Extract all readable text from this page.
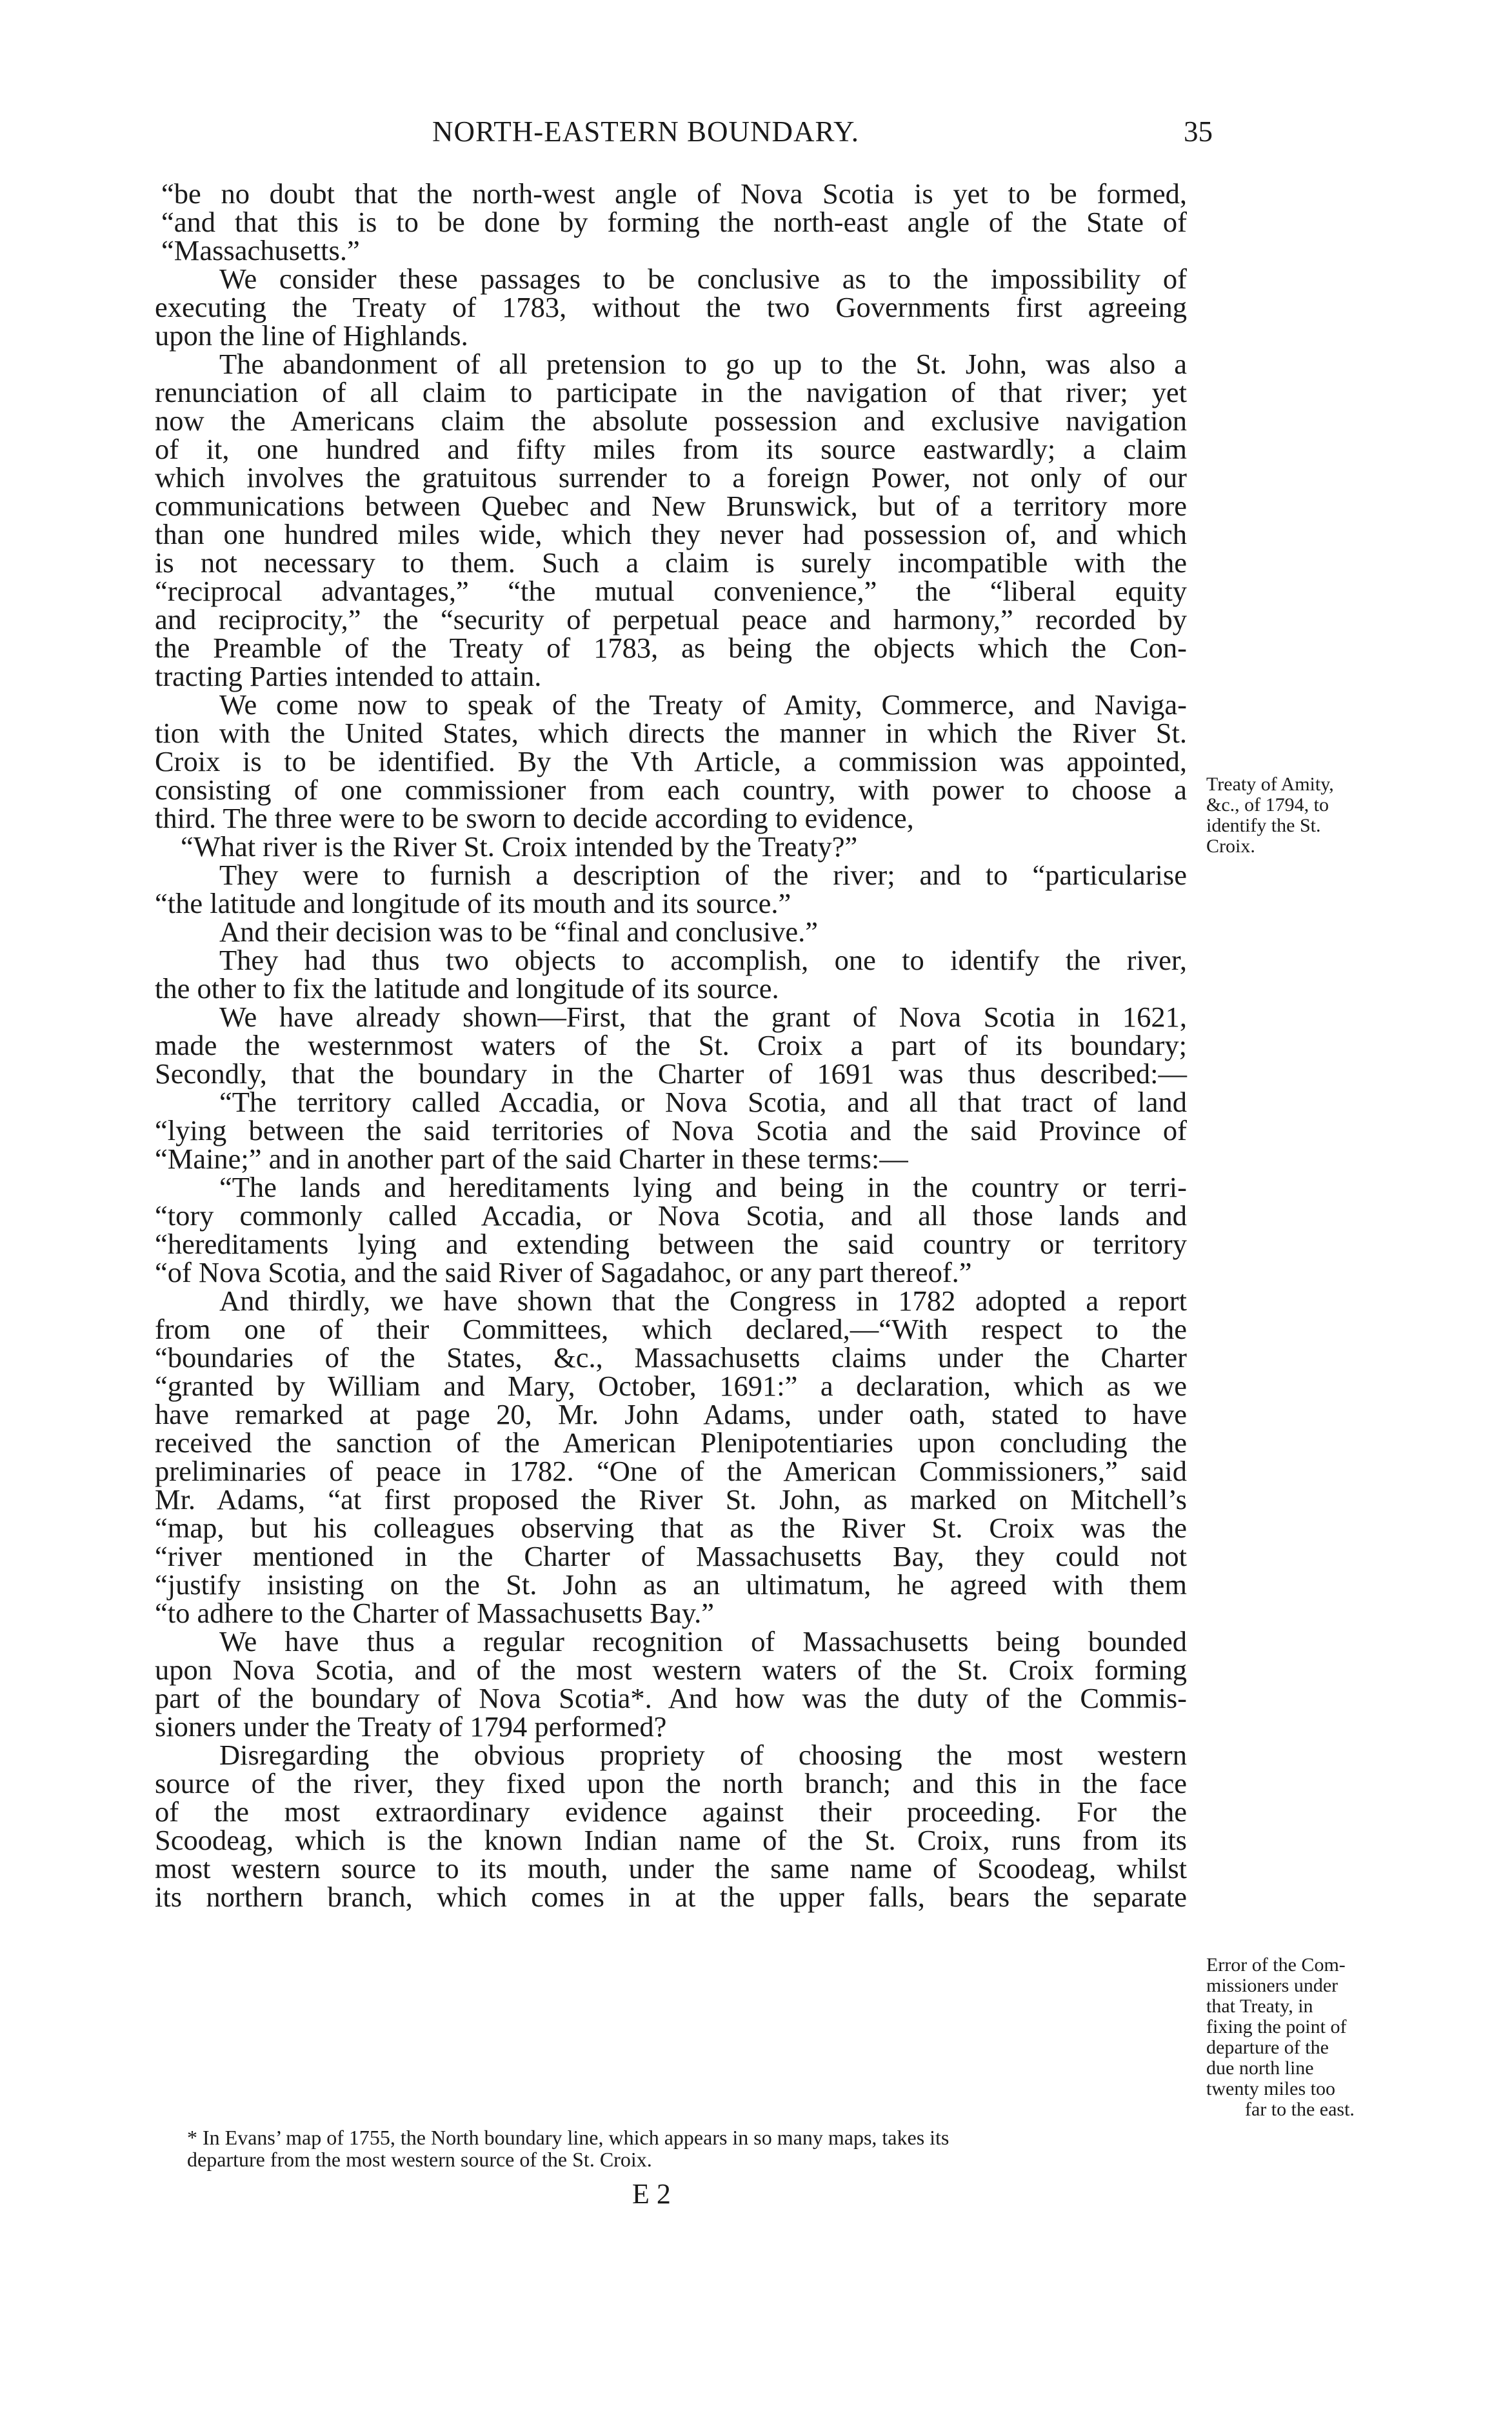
NORTH-EASTERN BOUNDARY.	35
“be no doubt that the north-west angle of Nova Scotia is yet to be formed,
“and that this is to be done by forming the north-east angle of the State of
“Massachusetts.”
We consider these passages to be conclusive as to the impossibility of
executing the Treaty of 1783, without the two Governments first agreeing
upon the line of Highlands.
The abandonment of all pretension to go up to the St. John, was also a
renunciation of all claim to participate in the navigation of that river; yet
now the Americans claim the absolute possession and exclusive navigation
of it, one hundred and fifty miles from its source eastwardly; a claim
which involves the gratuitous surrender to a foreign Power, not only of our
communications between Quebec and New Brunswick, but of a territory more
than one hundred miles wide, which they never had possession of, and which
is not necessary to them. Such a claim is surely incompatible with the
“reciprocal advantages,” “the mutual convenience,” the “liberal equity
and reciprocity,” the “security of perpetual peace and harmony,” recorded by
the Preamble of the Treaty of 1783, as being the objects which the Con-
tracting Parties intended to attain.
We come now to speak of the Treaty of Amity, Commerce, and Naviga-
tion with the United States, which directs the manner in which the River St.
Croix is to be identified. By the Vth Article, a commission was appointed,
consisting of one commissioner from each country, with power to choose a
third. The three were to be sworn to decide according to evidence,
“What river is the River St. Croix intended by the Treaty?”
They were to furnish a description of the river; and to “particularise
“the latitude and longitude of its mouth and its source.”
And their decision was to be “final and conclusive.”
They had thus two objects to accomplish, one to identify the river,
the other to fix the latitude and longitude of its source.
We have already shown—First, that the grant of Nova Scotia in 1621,
made the westernmost waters of the St. Croix a part of its boundary;
Secondly, that the boundary in the Charter of 1691 was thus described:—
“The territory called Accadia, or Nova Scotia, and all that tract of land
“lying between the said territories of Nova Scotia and the said Province of
“Maine;” and in another part of the said Charter in these terms:—
“The lands and hereditaments lying and being in the country or terri-
“tory commonly called Accadia, or Nova Scotia, and all those lands and
“hereditaments lying and extending between the said country or territory
“of Nova Scotia, and the said River of Sagadahoc, or any part thereof.”
And thirdly, we have shown that the Congress in 1782 adopted a report
from one of their Committees, which declared,—“With respect to the
“boundaries of the States, &c., Massachusetts claims under the Charter
“granted by William and Mary, October, 1691:” a declaration, which as we
have remarked at page 20, Mr. John Adams, under oath, stated to have
received the sanction of the American Plenipotentiaries upon concluding the
preliminaries of peace in 1782. “One of the American Commissioners,” said
Mr. Adams, “at first proposed the River St. John, as marked on Mitchell’s
“map, but his colleagues observing that as the River St. Croix was the
“river mentioned in the Charter of Massachusetts Bay, they could not
“justify insisting on the St. John as an ultimatum, he agreed with them
“to adhere to the Charter of Massachusetts Bay.”
We have thus a regular recognition of Massachusetts being bounded
upon Nova Scotia, and of the most western waters of the St. Croix forming
part of the boundary of Nova Scotia*. And how was the duty of the Commis-
sioners under the Treaty of 1794 performed?
Disregarding the obvious propriety of choosing the most western
source of the river, they fixed upon the north branch; and this in the face
of the most extraordinary evidence against their proceeding. For the
Scoodeag, which is the known Indian name of the St. Croix, runs from its
most western source to its mouth, under the same name of Scoodeag, whilst
its northern branch, which comes in at the upper falls, bears the separate
Treaty of Amity,
&c., of 1794, to
identify the St.
Croix.
Error of the Com-
missioners under
that Treaty, in
fixing the point of
departure of the
due north line
twenty miles too
far to the east.
* In Evans’ map of 1755, the North boundary line, which appears in so many maps, takes its
departure from the most western source of the St. Croix.
E 2
